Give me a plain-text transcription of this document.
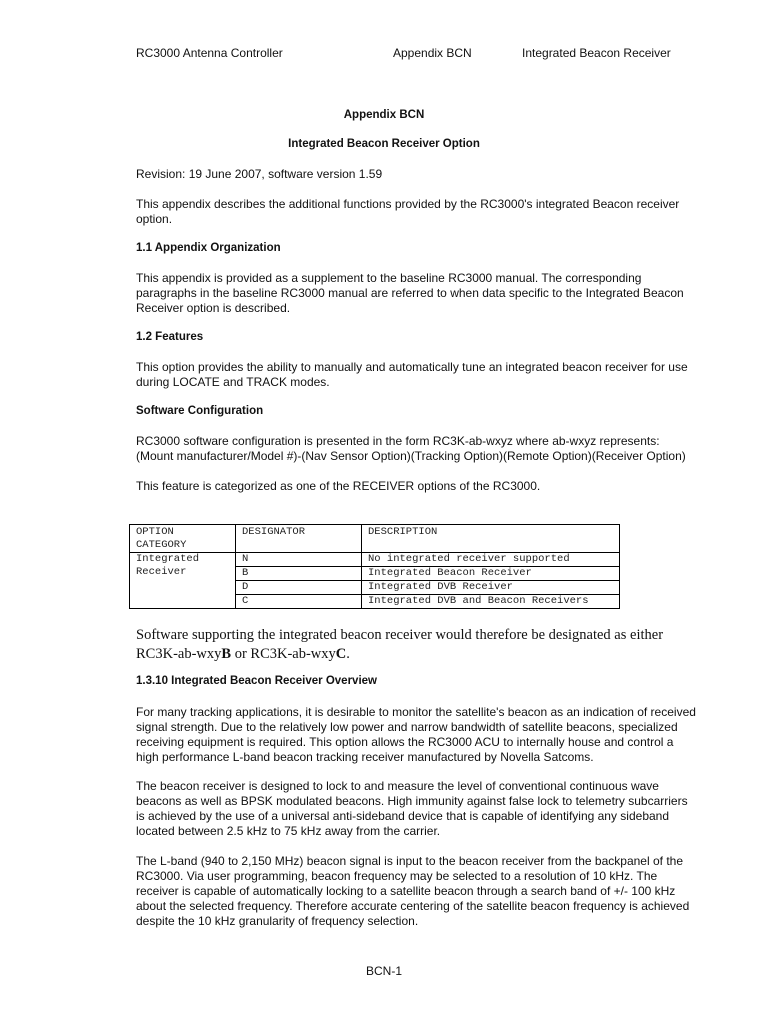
RC3000 Antenna Controller	Appendix BCN	Integrated Beacon Receiver
Appendix BCN
Integrated Beacon Receiver Option
Revision: 19 June 2007, software version 1.59
This appendix describes the additional functions provided by the RC3000's integrated Beacon receiver
option.
1.1 Appendix Organization
This appendix is provided as a supplement to the baseline RC3000 manual. The corresponding
paragraphs in the baseline RC3000 manual are referred to when data specific to the Integrated Beacon
Receiver option is described.
1.2 Features
This option provides the ability to manually and automatically tune an integrated beacon receiver for use
during LOCATE and TRACK modes.
Software Configuration
RC3000 software configuration is presented in the form RC3K-ab-wxyz where ab-wxyz represents:
(Mount manufacturer/Model #)-(Nav Sensor Option)(Tracking Option)(Remote Option)(Receiver Option)
This feature is categorized as one of the RECEIVER options of the RC3000.
OPTION CATEGORY	DESIGNATOR	DESCRIPTION
Integrated Receiver	N	No integrated receiver supported
	B	Integrated Beacon Receiver
	D	Integrated DVB Receiver
	C	Integrated DVB and Beacon Receivers
Software supporting the integrated beacon receiver would therefore be designated as either
RC3K-ab-wxyB or RC3K-ab-wxyC.
1.3.10 Integrated Beacon Receiver Overview
For many tracking applications, it is desirable to monitor the satellite's beacon as an indication of received
signal strength. Due to the relatively low power and narrow bandwidth of satellite beacons, specialized
receiving equipment is required. This option allows the RC3000 ACU to internally house and control a
high performance L-band beacon tracking receiver manufactured by Novella Satcoms.
The beacon receiver is designed to lock to and measure the level of conventional continuous wave
beacons as well as BPSK modulated beacons. High immunity against false lock to telemetry subcarriers
is achieved by the use of a universal anti-sideband device that is capable of identifying any sideband
located between 2.5 kHz to 75 kHz away from the carrier.
The L-band (940 to 2,150 MHz) beacon signal is input to the beacon receiver from the backpanel of the
RC3000. Via user programming, beacon frequency may be selected to a resolution of 10 kHz. The
receiver is capable of automatically locking to a satellite beacon through a search band of +/- 100 kHz
about the selected frequency. Therefore accurate centering of the satellite beacon frequency is achieved
despite the 10 kHz granularity of frequency selection.
BCN-1
